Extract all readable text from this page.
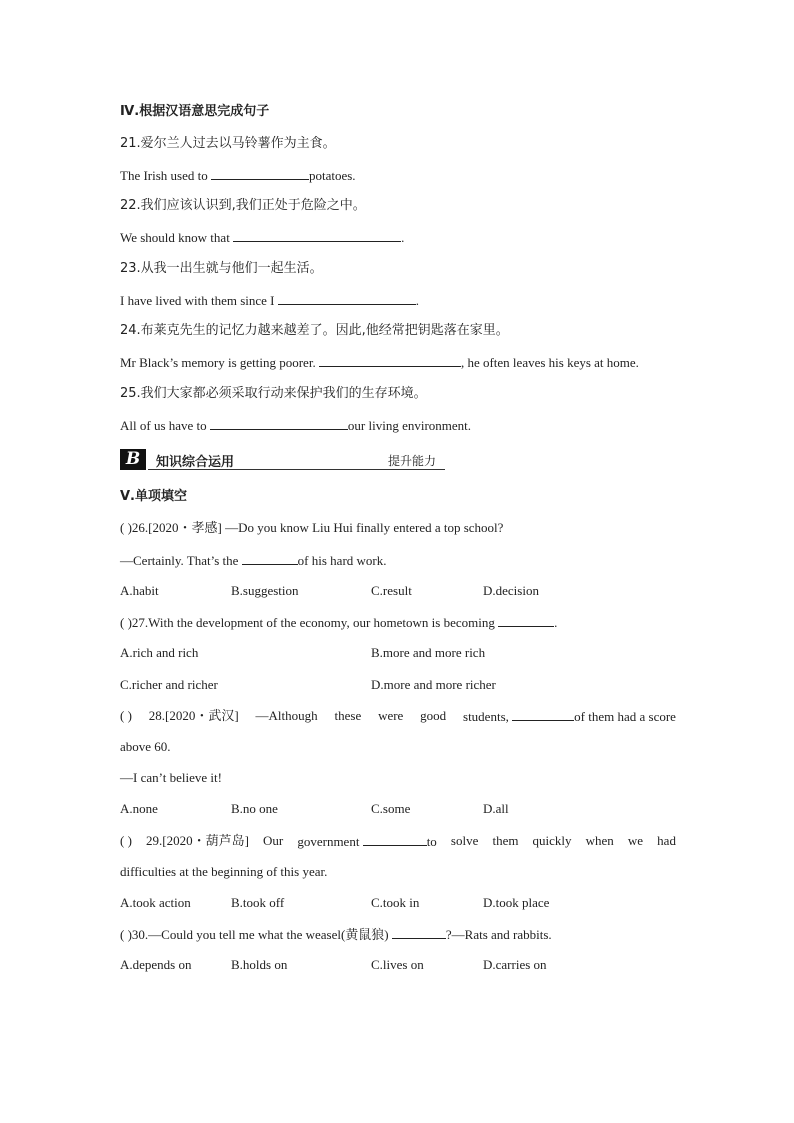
Ⅳ.根据汉语意思完成句子
21.爱尔兰人过去以马铃薯作为主食。
The Irish used to	potatoes.
22.我们应该认识到,我们正处于危险之中。
We should know that	.
23.从我一出生就与他们一起生活。
I have lived with them since I	.
24.布莱克先生的记忆力越来越差了。因此,他经常把钥匙落在家里。
Mr Black’s memory is getting poorer.	, he often leaves his keys at home.
25.我们大家都必须采取行动来保护我们的生存环境。
All of us have to	our living environment.
B	知识综合运用	提升能力
Ⅴ.单项填空
( )26.[2020・孝感] —Do you know Liu Hui finally entered a top school?
—Certainly. That’s the	of his hard work.
A.habit	B.suggestion	C.result	D.decision
( )27.With the development of the economy, our hometown is becoming	.
A.rich and rich	B.more and more rich
C.richer and richer	D.more and more richer
( ) 28.[2020・武汉] —Although these were good students,	of them had a score
above 60.
—I can’t believe it!
A.none	B.no one	C.some	D.all
( ) 29.[2020・葫芦岛] Our government	to solve them quickly when we had
difficulties at the beginning of this year.
A.took action	B.took off	C.took in	D.took place
( )30.—Could you tell me what the weasel(黄鼠狼)	?—Rats and rabbits.
A.depends on	B.holds on	C.lives on	D.carries on
